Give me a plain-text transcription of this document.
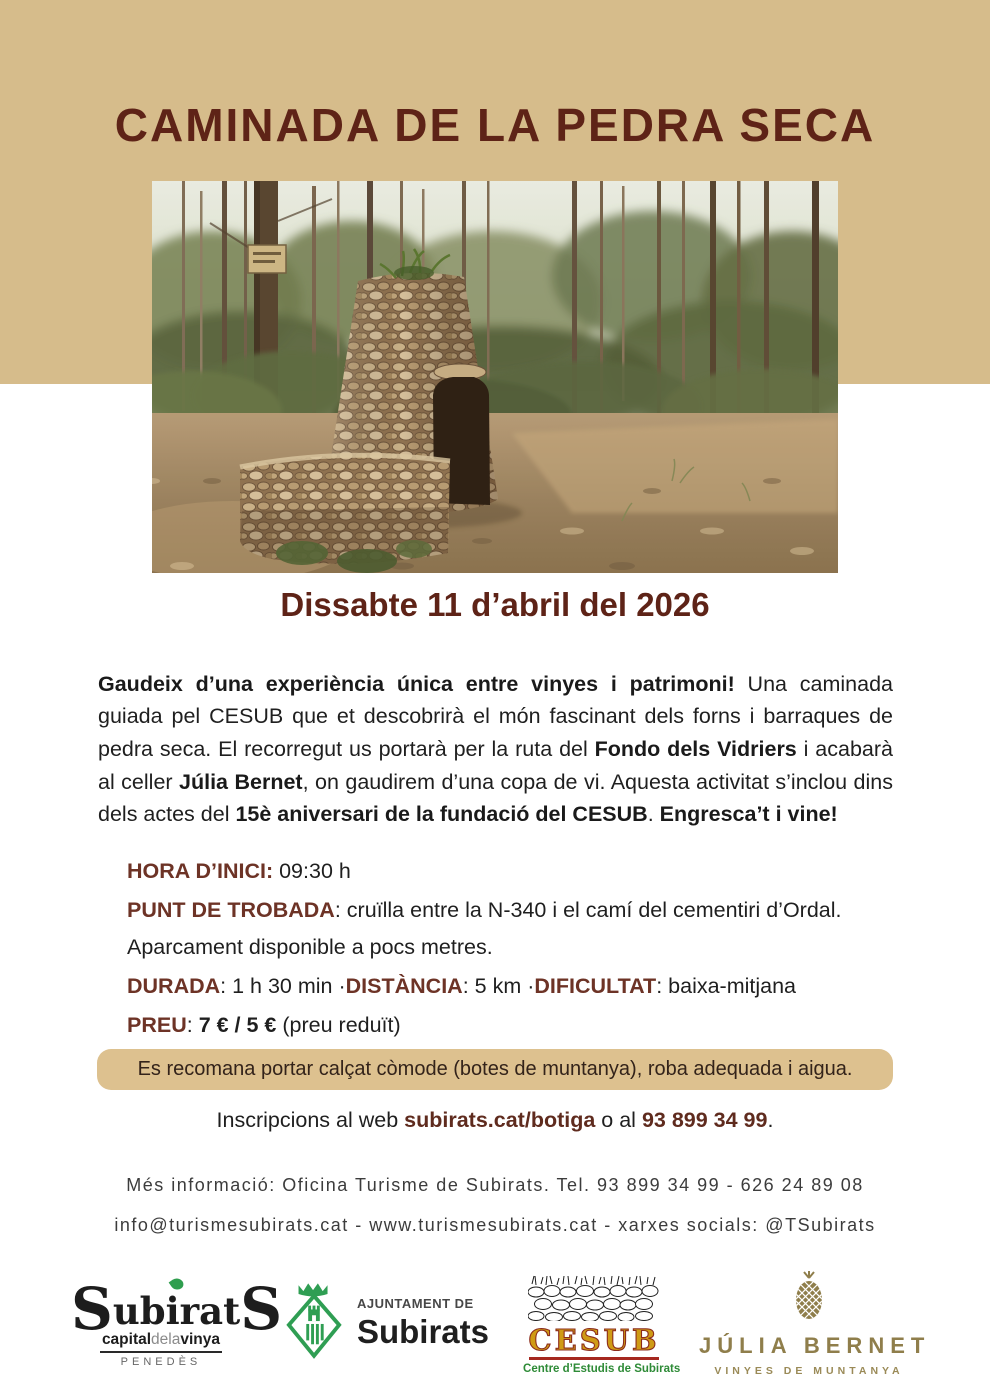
CAMINADA DE LA PEDRA SECA
Dissabte 11 d’abril del 2026

Gaudeix d’una experiència única entre vinyes i patrimoni! Una caminada guiada pel CESUB que et descobrirà el món fascinant dels forns i barraques de pedra seca. El recorregut us portarà per la ruta del Fondo dels Vidriers i acabarà al celler Júlia Bernet, on gaudirem d’una copa de vi. Aquesta activitat s’inclou dins dels actes del 15è aniversari de la fundació del CESUB. Engresca’t i vine!

HORA D’INICI: 09:30 h

PUNT DE TROBADA: cruïlla entre la N-340 i el camí del cementiri d’Ordal. Aparcament disponible a pocs metres.

DURADA: 1 h 30 min ·DISTÀNCIA: 5 km ·DIFICULTAT: baixa-mitjana

PREU: 7 € / 5 € (preu reduït)

Es recomana portar calçat còmode (botes de muntanya), roba adequada i aigua.
Inscripcions al web subirats.cat/botiga o al 93 899 34 99.
Més informació: Oficina Turisme de Subirats. Tel. 93 899 34 99 - 626 24 89 08
info@turismesubirats.cat - www.turismesubirats.cat - xarxes socials: @TSubirats
SubiratS
capitaldelavinya
PENEDÈS
AJUNTAMENT DE
Subirats CESUB
Centre d’Estudis de Subirats
JÚLIA BERNET
VINYES DE MUNTANYA
